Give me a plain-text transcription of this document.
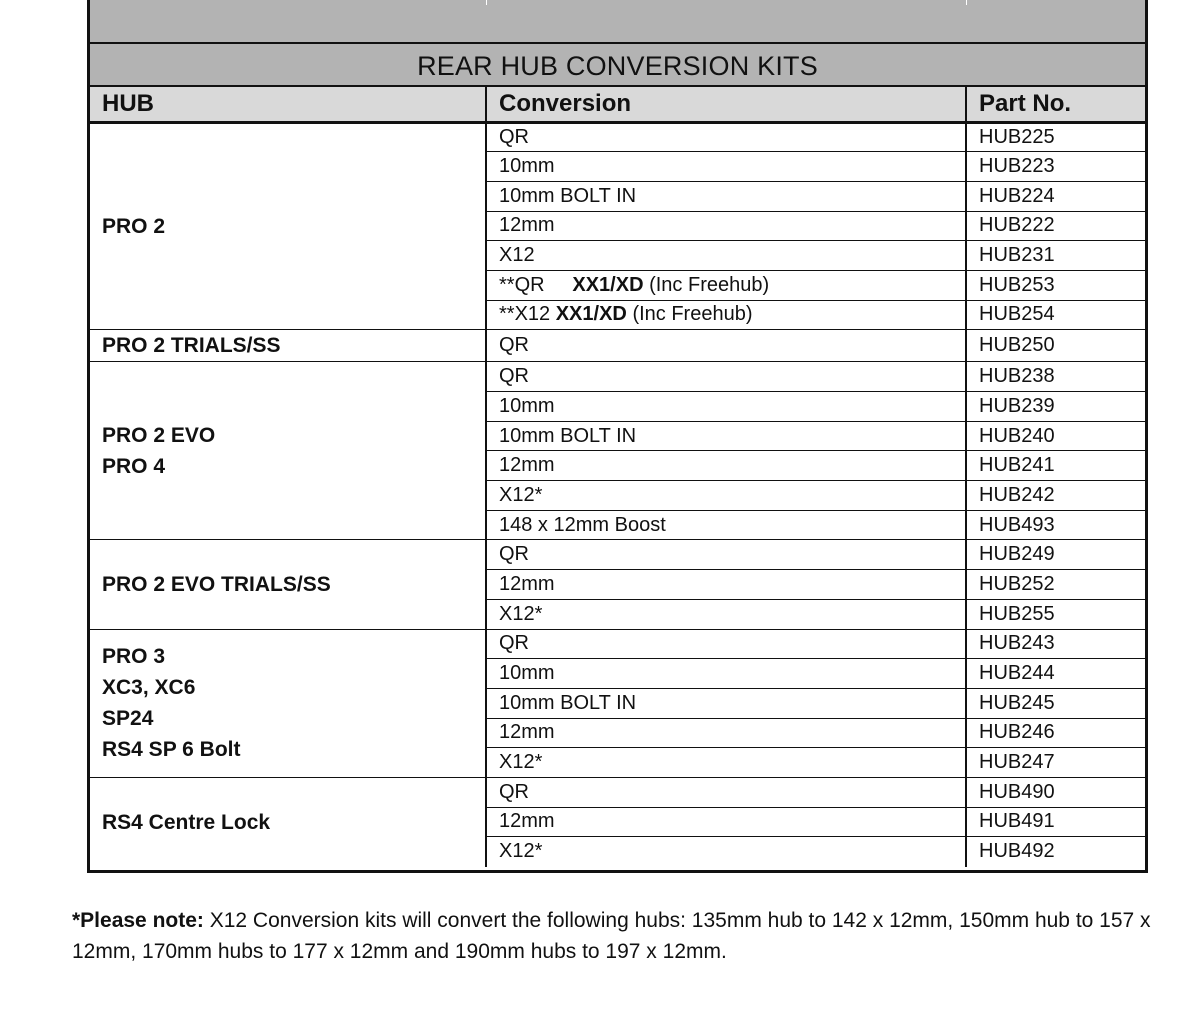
REAR HUB CONVERSION KITS
HUB	Conversion	Part No.

PRO 2	QR	HUB225
	10mm	HUB223
	10mm BOLT IN	HUB224
	12mm	HUB222
	X12	HUB231
	**QR XX1/XD (Inc Freehub)	HUB253
	**X12 XX1/XD (Inc Freehub)	HUB254

PRO 2 TRIALS/SS	QR	HUB250

PRO 2 EVO
PRO 4	QR	HUB238
	10mm	HUB239
	10mm BOLT IN	HUB240
	12mm	HUB241
	X12*	HUB242
	148 x 12mm Boost	HUB493

PRO 2 EVO TRIALS/SS	QR	HUB249
	12mm	HUB252
	X12*	HUB255

PRO 3
XC3, XC6
SP24
RS4 SP 6 Bolt	QR	HUB243
	10mm	HUB244
	10mm BOLT IN	HUB245
	12mm	HUB246
	X12*	HUB247

RS4 Centre Lock	QR	HUB490
	12mm	HUB491
	X12*	HUB492
*Please note: X12 Conversion kits will convert the following hubs: 135mm hub to 142 x 12mm, 150mm hub to 157 x 12mm, 170mm hubs to 177 x 12mm and 190mm hubs to 197 x 12mm.
